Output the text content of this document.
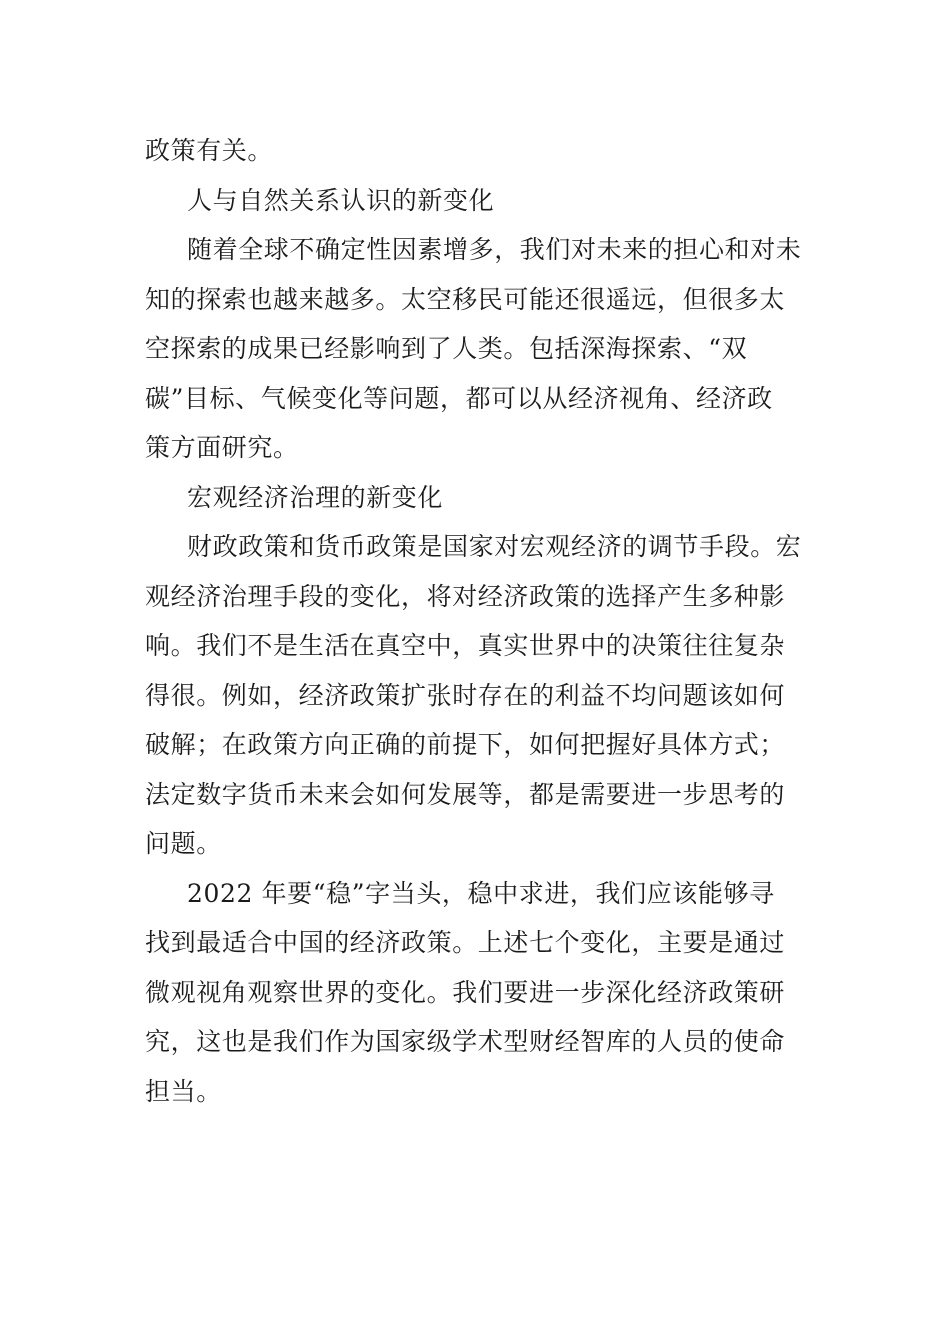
政策有关。
人与自然关系认识的新变化
随着全球不确定性因素增多，我们对未来的担心和对未
知的探索也越来越多。太空移民可能还很遥远，但很多太
空探索的成果已经影响到了人类。包括深海探索、“双
碳”目标、气候变化等问题，都可以从经济视角、经济政
策方面研究。
宏观经济治理的新变化
财政政策和货币政策是国家对宏观经济的调节手段。宏
观经济治理手段的变化，将对经济政策的选择产生多种影
响。我们不是生活在真空中，真实世界中的决策往往复杂
得很。例如，经济政策扩张时存在的利益不均问题该如何
破解；在政策方向正确的前提下，如何把握好具体方式；
法定数字货币未来会如何发展等，都是需要进一步思考的
问题。
2022 年要“稳”字当头，稳中求进，我们应该能够寻
找到最适合中国的经济政策。上述七个变化，主要是通过
微观视角观察世界的变化。我们要进一步深化经济政策研
究，这也是我们作为国家级学术型财经智库的人员的使命
担当。
